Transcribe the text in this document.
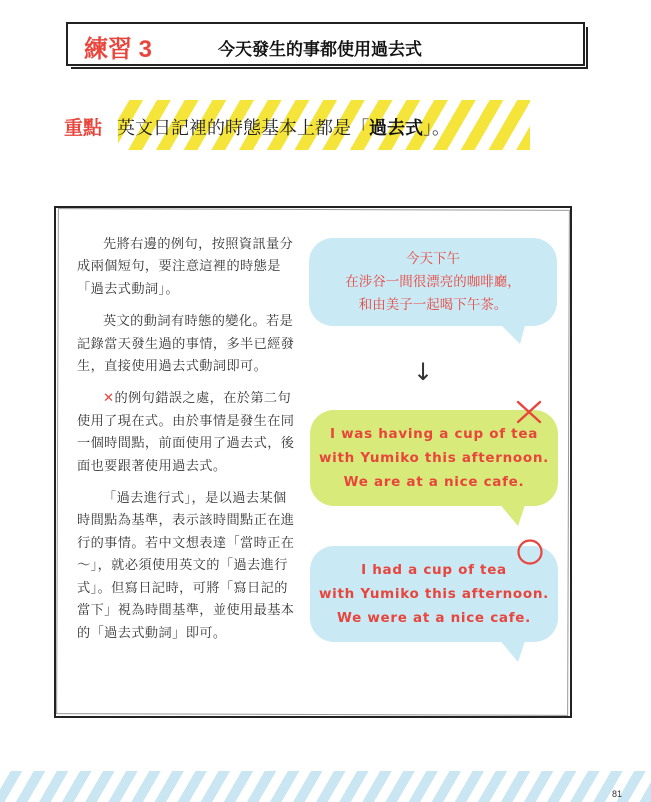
練習 3	今天發生的事都使用過去式
重點 英文日記裡的時態基本上都是「過去式」。

先將右邊的例句，按照資訊量分成兩個短句，要注意這裡的時態是「過去式動詞」。

英文的動詞有時態的變化。若是記錄當天發生過的事情，多半已經發生，直接使用過去式動詞即可。

✕的例句錯誤之處，在於第二句使用了現在式。由於事情是發生在同一個時間點，前面使用了過去式，後面也要跟著使用過去式。

「過去進行式」，是以過去某個時間點為基準，表示該時間點正在進行的事情。若中文想表達「當時正在～」，就必須使用英文的「過去進行式」。但寫日記時，可將「寫日記的當下」視為時間基準，並使用最基本的「過去式動詞」即可。

今天下午
在涉谷一間很漂亮的咖啡廳，
和由美子一起喝下午茶。
↓
I was having a cup of tea
with Yumiko this afternoon.
We are at a nice cafe.
I had a cup of tea
with Yumiko this afternoon.
We were at a nice cafe.
81
